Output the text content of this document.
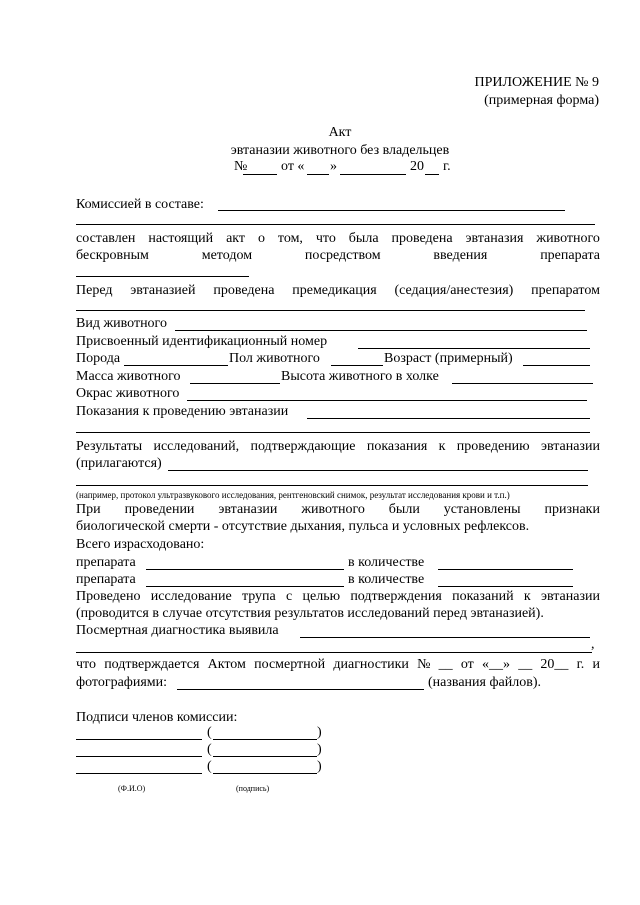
ПРИЛОЖЕНИЕ № 9
(примерная форма)
Акт
эвтаназии животного без владельцев
№ от « »	20 г.
Комиссией в составе:
составлен настоящий акт о том, что была проведена эвтаназия животного
бескровным	методом	посредством	введения	препарата
Перед эвтаназией проведена премедикация (седация/анестезия) препаратом
Вид животного
Присвоенный идентификационный номер
Порода	Пол животного	Возраст (примерный)
Масса животного	Высота животного в холке
Окрас животного
Показания к проведению эвтаназии
Результаты исследований, подтверждающие показания к проведению эвтаназии
(прилагаются)
(например, протокол ультразвукового исследования, рентгеновский снимок, результат исследования крови и т.п.)
При проведении эвтаназии животного были установлены признаки
биологической смерти - отсутствие дыхания, пульса и условных рефлексов.
Всего израсходовано:
препарата	в количестве
препарата	в количестве
Проведено исследование трупа с целью подтверждения показаний к эвтаназии
(проводится в случае отсутствия результатов исследований перед эвтаназией).
Посмертная диагностика выявила
,
что подтверждается Актом посмертной диагностики № __ от «__» __ 20__ г. и
фотографиями:	(названия файлов).
Подписи членов комиссии:
(	)
(	)
(	)
(Ф.И.О)	(подпись)
